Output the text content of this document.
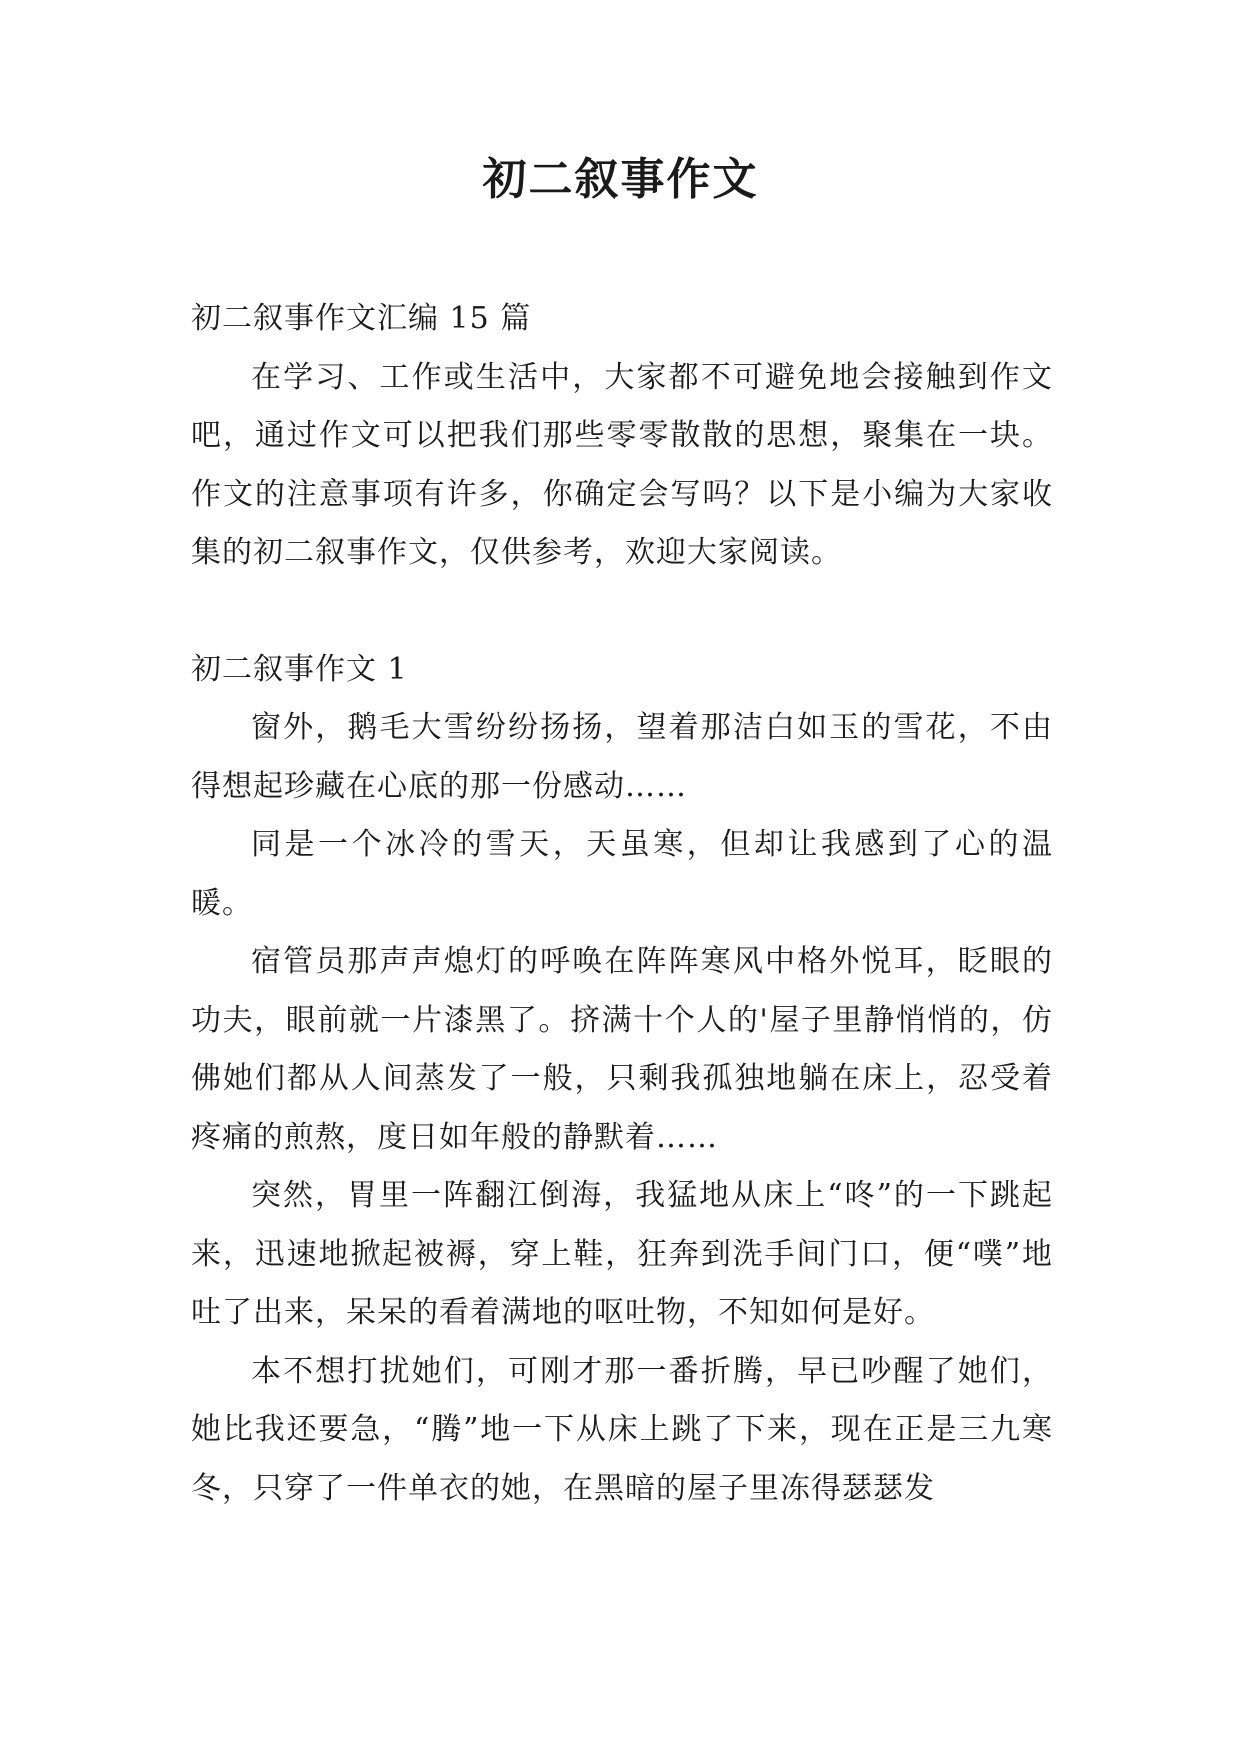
初二叙事作文

初二叙事作文汇编 15 篇

在学习、工作或生活中，大家都不可避免地会接触到作文吧，通过作文可以把我们那些零零散散的思想，聚集在一块。作文的注意事项有许多，你确定会写吗？以下是小编为大家收集的初二叙事作文，仅供参考，欢迎大家阅读。

初二叙事作文 1

窗外，鹅毛大雪纷纷扬扬，望着那洁白如玉的雪花，不由得想起珍藏在心底的那一份感动……

同是一个冰冷的雪天，天虽寒，但却让我感到了心的温暖。

宿管员那声声熄灯的呼唤在阵阵寒风中格外悦耳，眨眼的功夫，眼前就一片漆黑了。挤满十个人的'屋子里静悄悄的，仿佛她们都从人间蒸发了一般，只剩我孤独地躺在床上，忍受着疼痛的煎熬，度日如年般的静默着……

突然，胃里一阵翻江倒海，我猛地从床上“咚”的一下跳起来，迅速地掀起被褥，穿上鞋，狂奔到洗手间门口，便“噗”地吐了出来，呆呆的看着满地的呕吐物，不知如何是好。

本不想打扰她们，可刚才那一番折腾，早已吵醒了她们，她比我还要急，“腾”地一下从床上跳了下来，现在正是三九寒冬，只穿了一件单衣的她，在黑暗的屋子里冻得瑟瑟发
